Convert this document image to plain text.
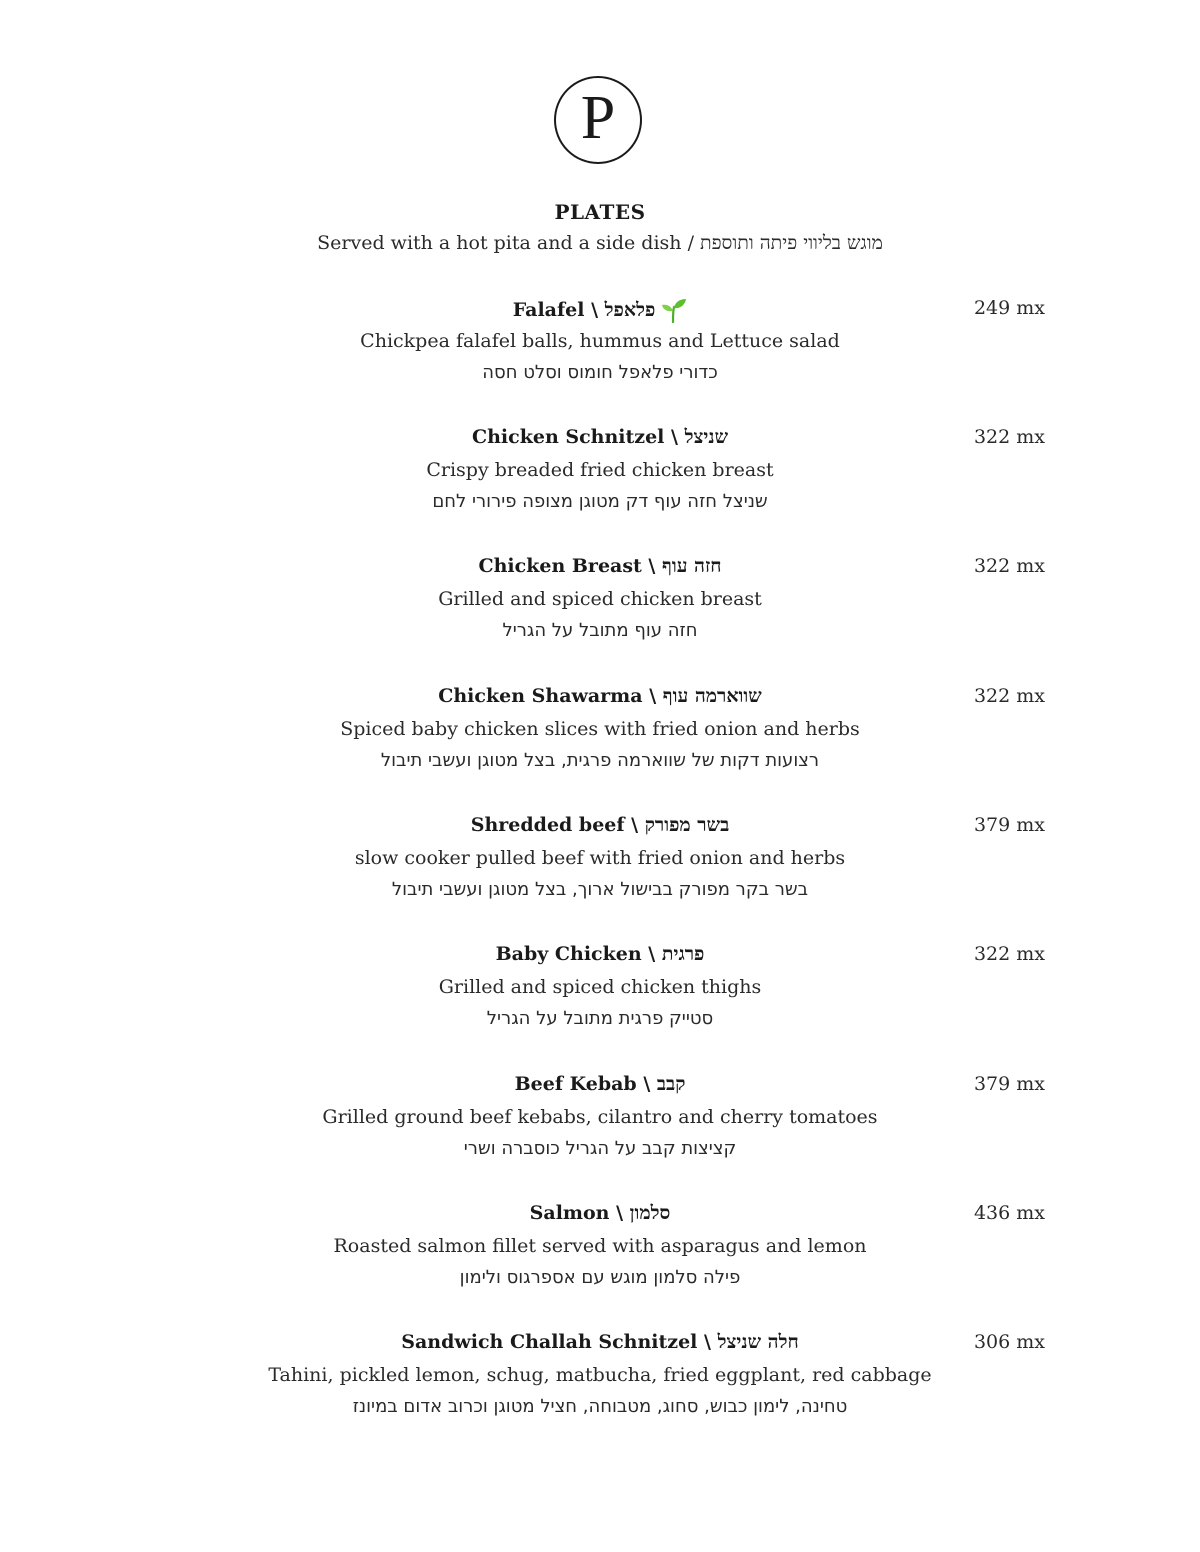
P
PLATES
Served with a hot pita and a side dish / מוגש בליווי פיתה ותוספת
Falafel \ פלאפל	249 mx
Chickpea falafel balls, hummus and Lettuce salad
כדורי פלאפל חומוס וסלט חסה
Chicken Schnitzel \ שניצל	322 mx
Crispy breaded fried chicken breast
שניצל חזה עוף דק מטוגן מצופה פירורי לחם
Chicken Breast \ חזה עוף	322 mx
Grilled and spiced chicken breast
חזה עוף מתובל על הגריל
Chicken Shawarma \ שווארמה עוף	322 mx
Spiced baby chicken slices with fried onion and herbs
רצועות דקות של שווארמה פרגית, בצל מטוגן ועשבי תיבול
Shredded beef \ בשר מפורק	379 mx
slow cooker pulled beef with fried onion and herbs
בשר בקר מפורק בבישול ארוך, בצל מטוגן ועשבי תיבול
Baby Chicken \ פרגית	322 mx
Grilled and spiced chicken thighs
סטייק פרגית מתובל על הגריל
Beef Kebab \ קבב	379 mx
Grilled ground beef kebabs, cilantro and cherry tomatoes
קציצות קבב על הגריל כוסברה ושרי
Salmon \ סלמון	436 mx
Roasted salmon fillet served with asparagus and lemon
פילה סלמון מוגש עם אספרגוס ולימון
Sandwich Challah Schnitzel \ חלה שניצל	306 mx
Tahini, pickled lemon, schug, matbucha, fried eggplant, red cabbage
טחינה, לימון כבוש, סחוג, מטבוחה, חציל מטוגן וכרוב אדום במיונז
